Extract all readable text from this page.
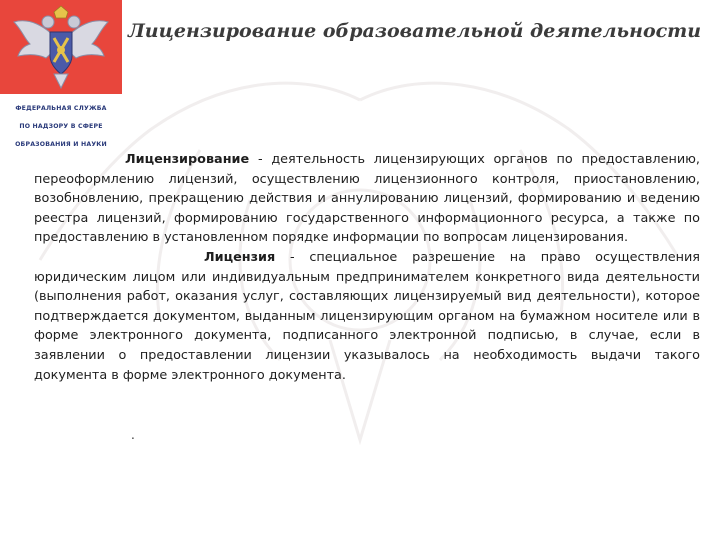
ФЕДЕРАЛЬНАЯ СЛУЖБА
ПО НАДЗОРУ В СФЕРЕ
ОБРАЗОВАНИЯ И НАУКИ
Лицензирование образовательной деятельности

Лицензирование - деятельность лицензирующих органов по предоставлению, переоформлению лицензий, осуществлению лицензионного контроля, приостановлению, возобновлению, прекращению действия и аннулированию лицензий, формированию и ведению реестра лицензий, формированию государственного информационного ресурса, а также по предоставлению в установленном порядке информации по вопросам лицензирования.

Лицензия - специальное разрешение на право осуществления юридическим лицом или индивидуальным предпринимателем конкретного вида деятельности (выполнения работ, оказания услуг, составляющих лицензируемый вид деятельности), которое подтверждается документом, выданным лицензирующим органом на бумажном носителе или в форме электронного документа, подписанного электронной подписью, в случае, если в заявлении о предоставлении лицензии указывалось на необходимость выдачи такого документа в форме электронного документа.

.
